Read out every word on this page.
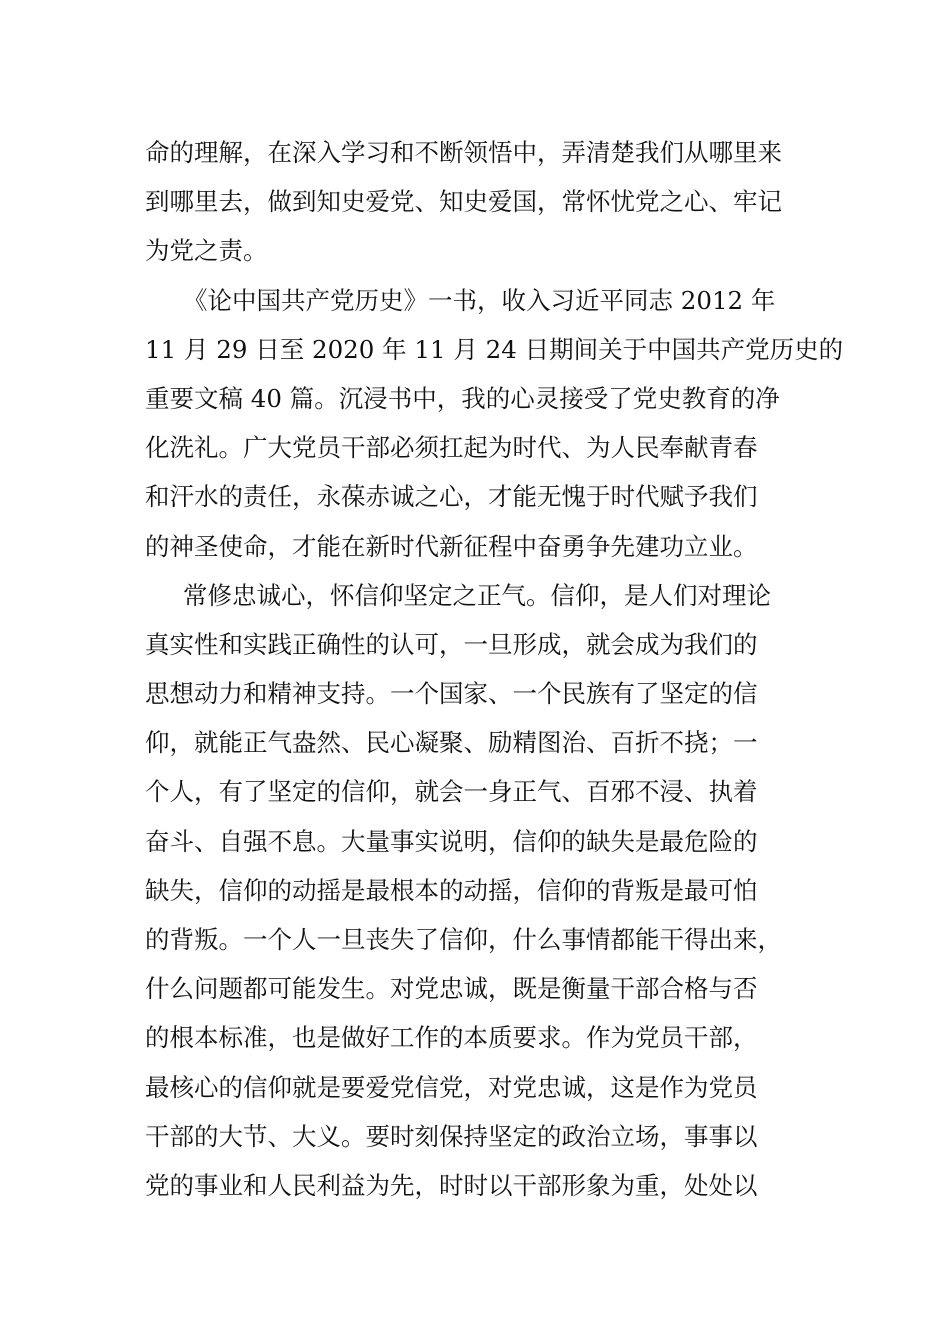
命的理解，在深入学习和不断领悟中，弄清楚我们从哪里来
到哪里去，做到知史爱党、知史爱国，常怀忧党之心、牢记
为党之责。
《论中国共产党历史》一书，收入习近平同志 2012 年
11 月 29 日至 2020 年 11 月 24 日期间关于中国共产党历史的
重要文稿 40 篇。沉浸书中，我的心灵接受了党史教育的净
化洗礼。广大党员干部必须扛起为时代、为人民奉献青春
和汗水的责任，永葆赤诚之心，才能无愧于时代赋予我们
的神圣使命，才能在新时代新征程中奋勇争先建功立业。
常修忠诚心，怀信仰坚定之正气。信仰，是人们对理论
真实性和实践正确性的认可，一旦形成，就会成为我们的
思想动力和精神支持。一个国家、一个民族有了坚定的信
仰，就能正气盎然、民心凝聚、励精图治、百折不挠；一
个人，有了坚定的信仰，就会一身正气、百邪不浸、执着
奋斗、自强不息。大量事实说明，信仰的缺失是最危险的
缺失，信仰的动摇是最根本的动摇，信仰的背叛是最可怕
的背叛。一个人一旦丧失了信仰，什么事情都能干得出来，
什么问题都可能发生。对党忠诚，既是衡量干部合格与否
的根本标准，也是做好工作的本质要求。作为党员干部，
最核心的信仰就是要爱党信党，对党忠诚，这是作为党员
干部的大节、大义。要时刻保持坚定的政治立场，事事以
党的事业和人民利益为先，时时以干部形象为重，处处以
